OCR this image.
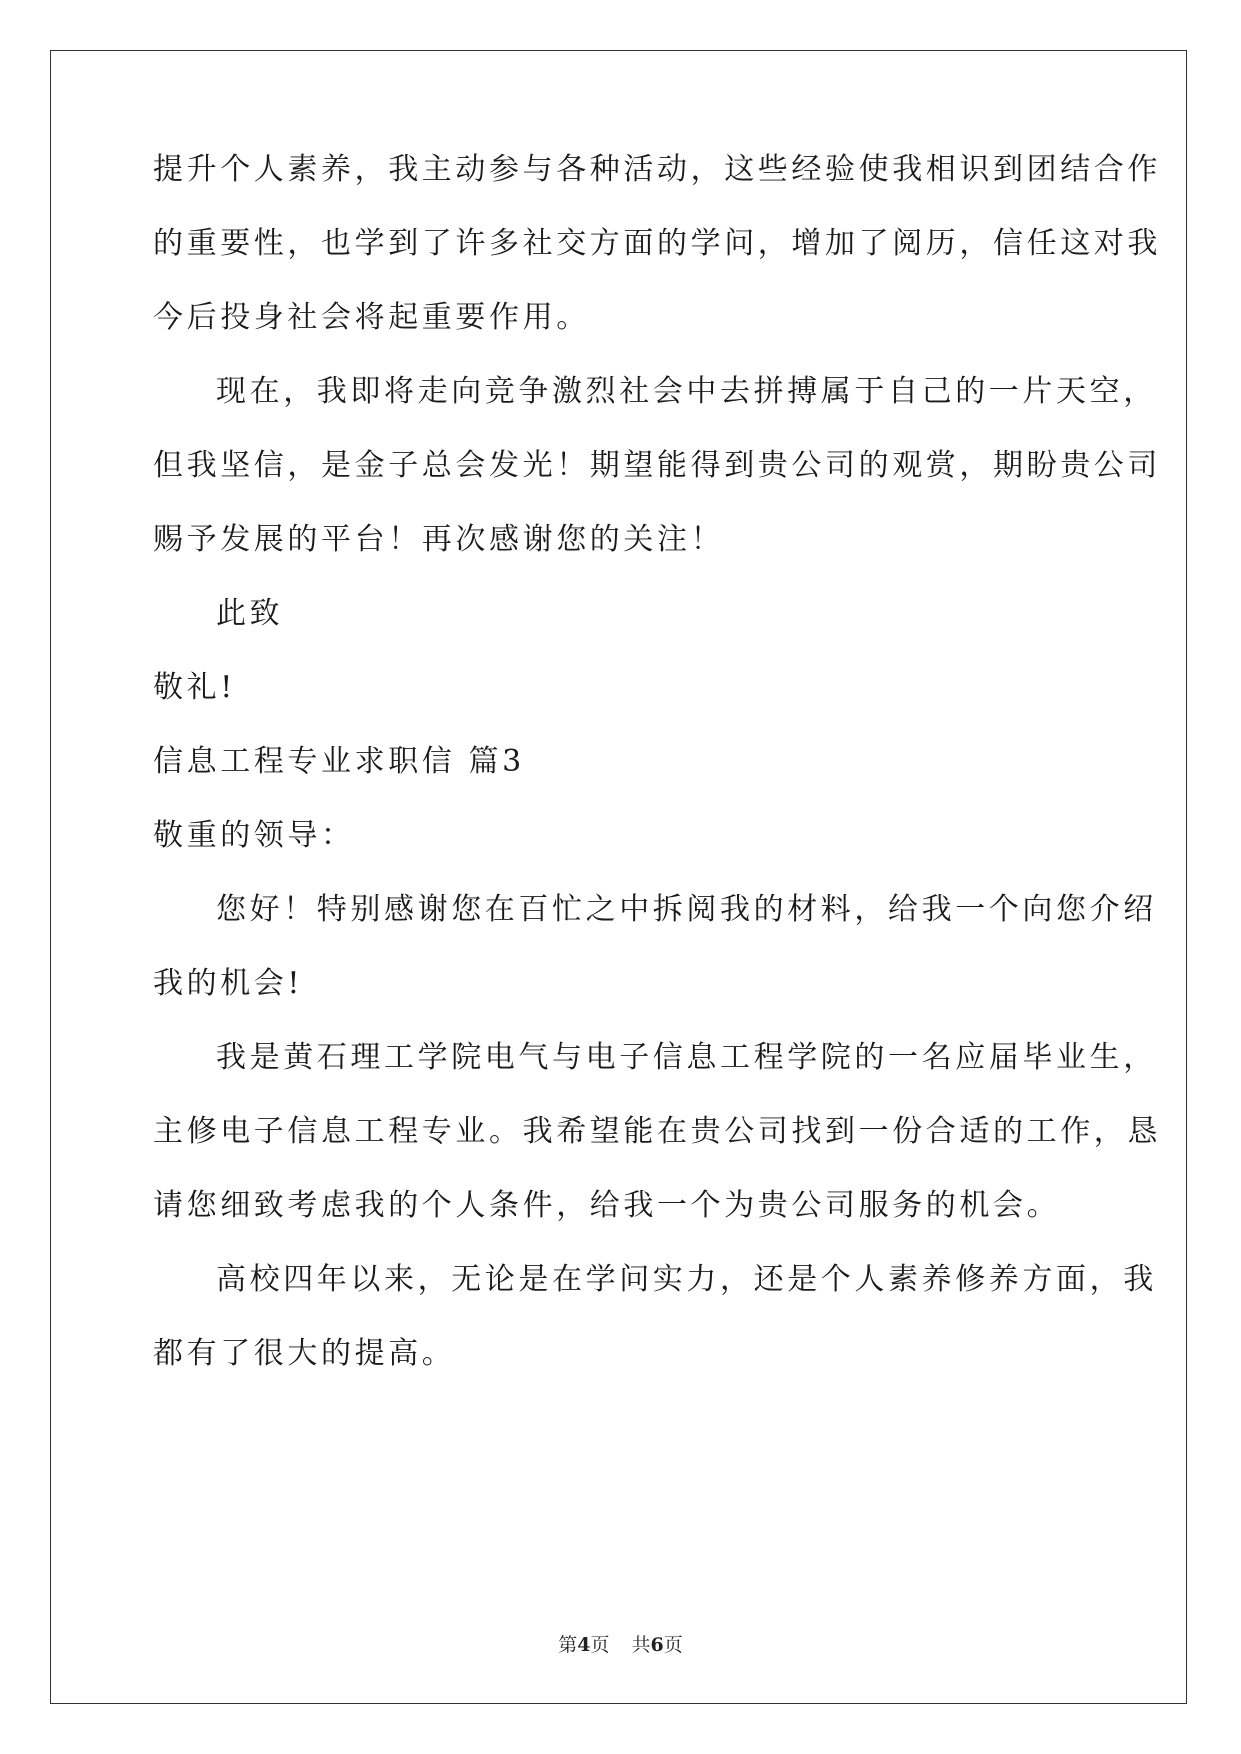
提升个人素养，我主动参与各种活动，这些经验使我相识到团结合作
的重要性，也学到了许多社交方面的学问，增加了阅历，信任这对我
今后投身社会将起重要作用。
现在，我即将走向竞争激烈社会中去拼搏属于自己的一片天空，
但我坚信，是金子总会发光！期望能得到贵公司的观赏，期盼贵公司
赐予发展的平台！再次感谢您的关注！
此致
敬礼!
信息工程专业求职信 篇3
敬重的领导：
您好！特别感谢您在百忙之中拆阅我的材料，给我一个向您介绍
我的机会!
我是黄石理工学院电气与电子信息工程学院的一名应届毕业生，
主修电子信息工程专业。我希望能在贵公司找到一份合适的工作，恳
请您细致考虑我的个人条件，给我一个为贵公司服务的机会。
高校四年以来，无论是在学问实力，还是个人素养修养方面，我
都有了很大的提高。
第4页 共6页
